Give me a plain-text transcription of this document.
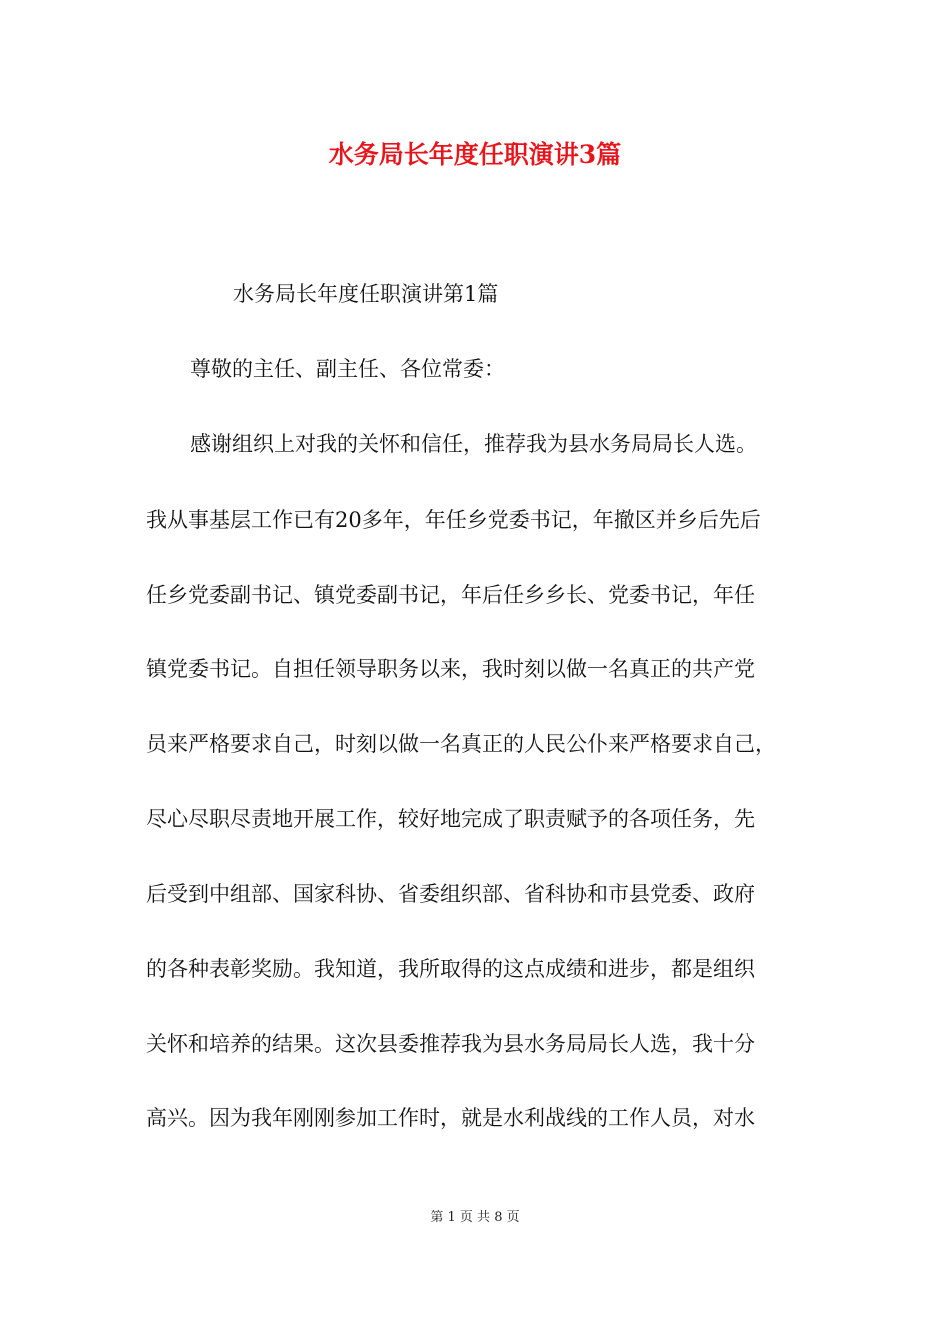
水务局长年度任职演讲3篇

水务局长年度任职演讲第1篇

尊敬的主任、副主任、各位常委：

感谢组织上对我的关怀和信任，推荐我为县水务局局长人选。

我从事基层工作已有20多年，年任乡党委书记，年撤区并乡后先后

任乡党委副书记、镇党委副书记，年后任乡乡长、党委书记，年任

镇党委书记。自担任领导职务以来，我时刻以做一名真正的共产党

员来严格要求自己，时刻以做一名真正的人民公仆来严格要求自己，

尽心尽职尽责地开展工作，较好地完成了职责赋予的各项任务，先

后受到中组部、国家科协、省委组织部、省科协和市县党委、政府

的各种表彰奖励。我知道，我所取得的这点成绩和进步，都是组织

关怀和培养的结果。这次县委推荐我为县水务局局长人选，我十分

高兴。因为我年刚刚参加工作时，就是水利战线的工作人员，对水

第 1 页 共 8 页
